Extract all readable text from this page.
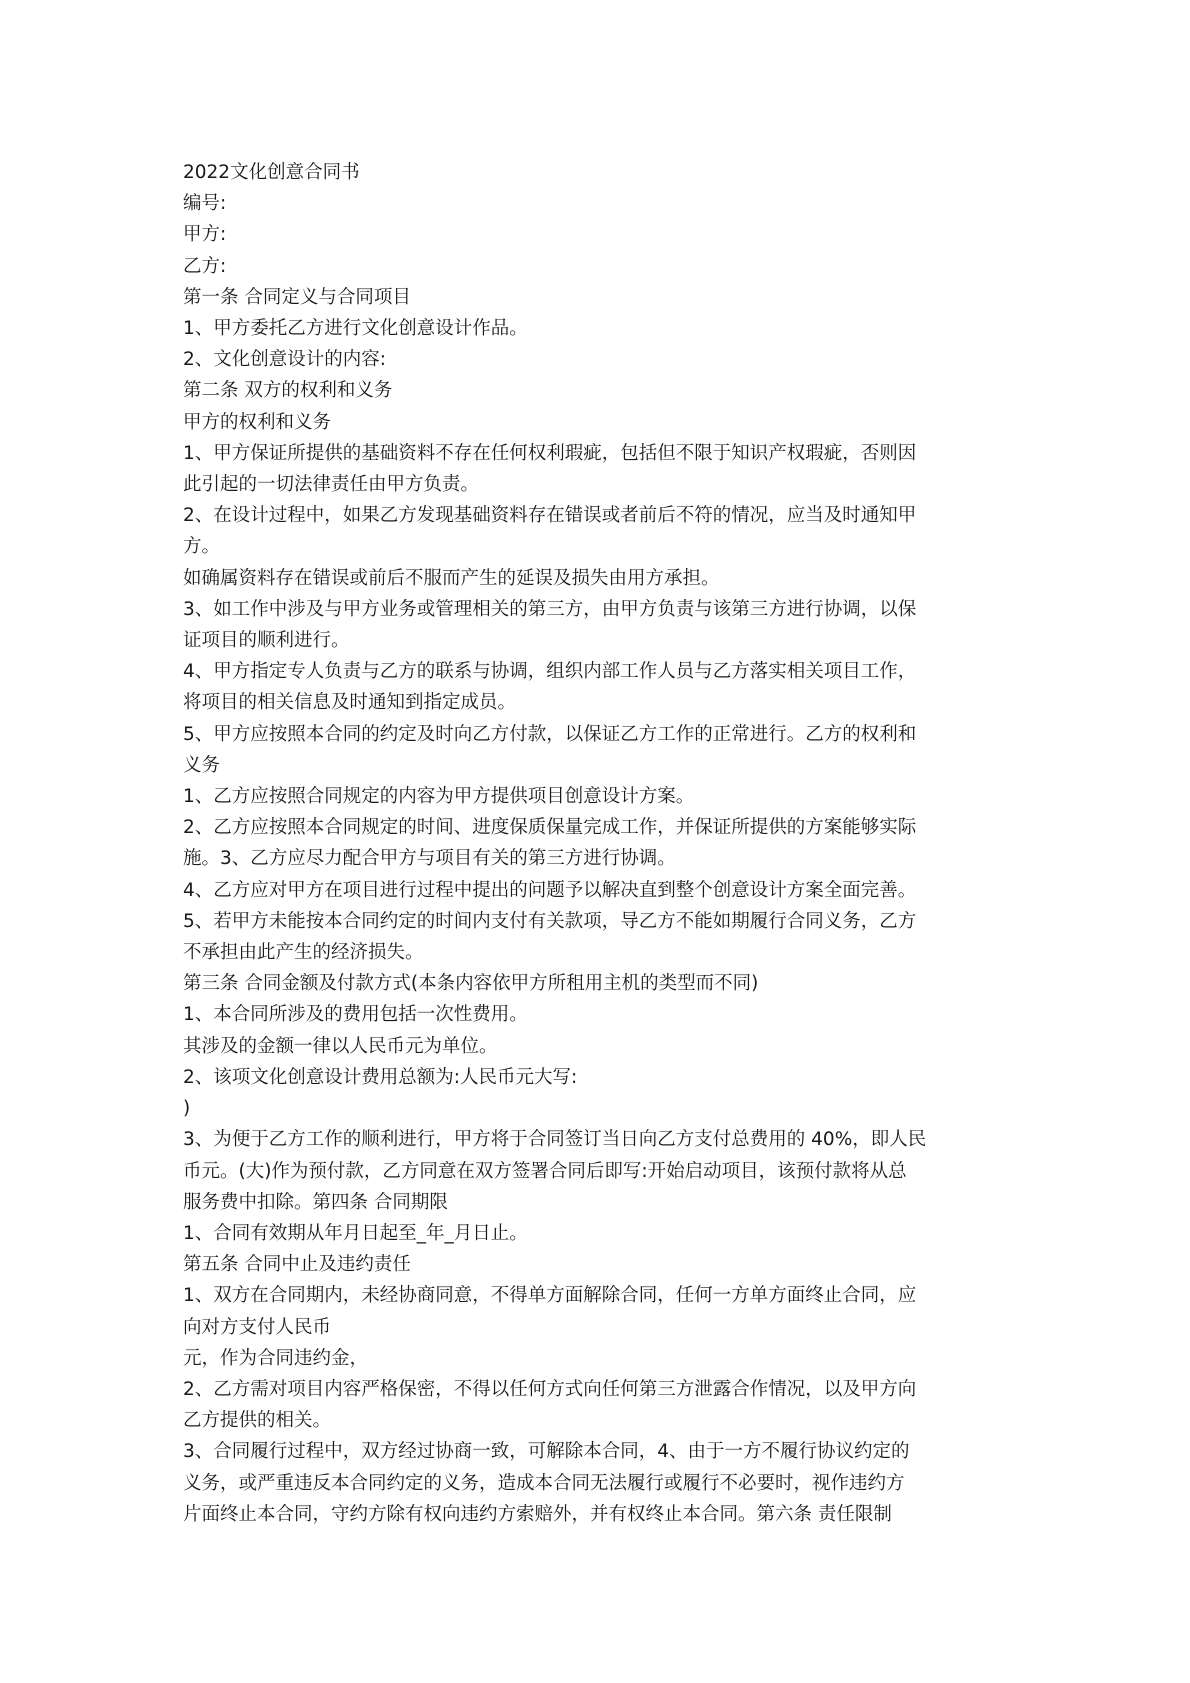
2022文化创意合同书

编号:

甲方:

乙方:

第一条 合同定义与合同项目

1、甲方委托乙方进行文化创意设计作品。

2、文化创意设计的内容:

第二条 双方的权利和义务

甲方的权利和义务

1、甲方保证所提供的基础资料不存在任何权利瑕疵，包括但不限于知识产权瑕疵，否则因

此引起的一切法律责任由甲方负责。

2、在设计过程中，如果乙方发现基础资料存在错误或者前后不符的情况，应当及时通知甲

方。

如确属资料存在错误或前后不服而产生的延误及损失由用方承担。

3、如工作中涉及与甲方业务或管理相关的第三方，由甲方负责与该第三方进行协调，以保

证项目的顺利进行。

4、甲方指定专人负责与乙方的联系与协调，组织内部工作人员与乙方落实相关项目工作，

将项目的相关信息及时通知到指定成员。

5、甲方应按照本合同的约定及时向乙方付款，以保证乙方工作的正常进行。乙方的权利和

义务

1、乙方应按照合同规定的内容为甲方提供项目创意设计方案。

2、乙方应按照本合同规定的时间、进度保质保量完成工作，并保证所提供的方案能够实际

施。3、乙方应尽力配合甲方与项目有关的第三方进行协调。

4、乙方应对甲方在项目进行过程中提出的问题予以解决直到整个创意设计方案全面完善。

5、若甲方未能按本合同约定的时间内支付有关款项，导乙方不能如期履行合同义务，乙方

不承担由此产生的经济损失。

第三条 合同金额及付款方式(本条内容依甲方所租用主机的类型而不同)

1、本合同所涉及的费用包括一次性费用。

其涉及的金额一律以人民币元为单位。

2、该项文化创意设计费用总额为:人民币元大写:

)

3、为便于乙方工作的顺利进行，甲方将于合同签订当日向乙方支付总费用的 40%，即人民

币元。(大)作为预付款，乙方同意在双方签署合同后即写:开始启动项目，该预付款将从总

服务费中扣除。第四条 合同期限

1、合同有效期从年月日起至_年_月日止。

第五条 合同中止及违约责任

1、双方在合同期内，未经协商同意，不得单方面解除合同，任何一方单方面终止合同，应

向对方支付人民币

元，作为合同违约金，

2、乙方需对项目内容严格保密，不得以任何方式向任何第三方泄露合作情况，以及甲方向

乙方提供的相关。

3、合同履行过程中，双方经过协商一致，可解除本合同，4、由于一方不履行协议约定的

义务，或严重违反本合同约定的义务，造成本合同无法履行或履行不必要时，视作违约方

片面终止本合同，守约方除有权向违约方索赔外，并有权终止本合同。第六条 责任限制
